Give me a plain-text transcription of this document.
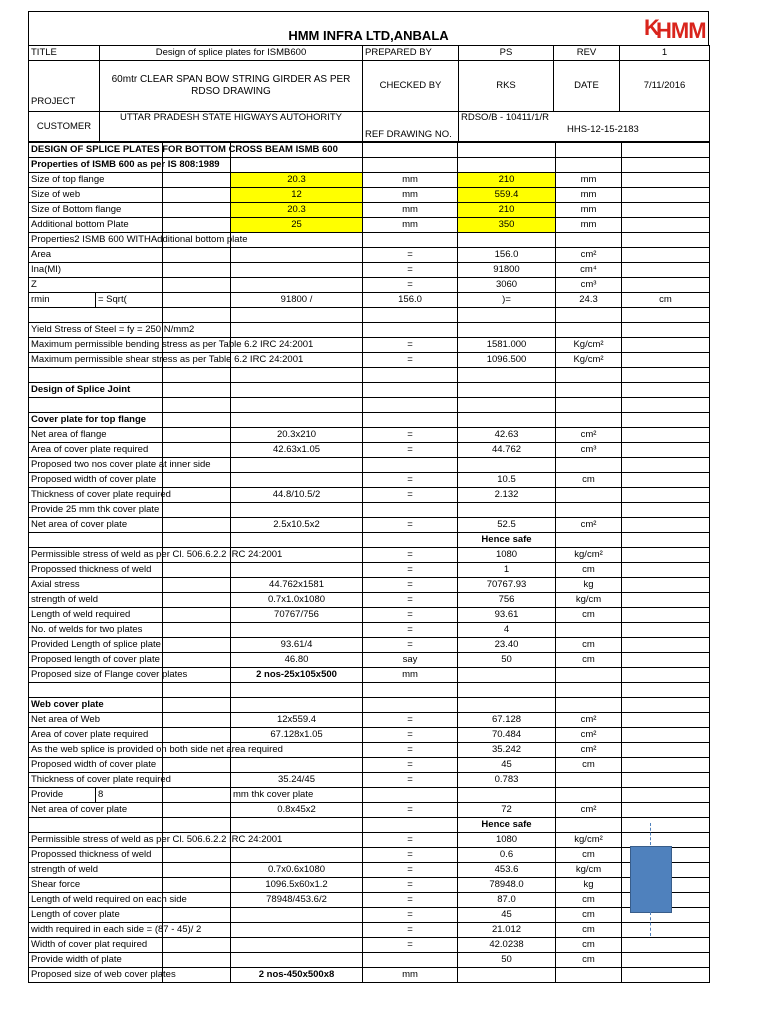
HMM INFRA LTD,ANBALA	K
HMM
TITLE	Design of splice plates for ISMB600	PREPARED BY	PS	REV	1
PROJECT	60mtr CLEAR SPAN BOW STRING GIRDER AS PER RDSO DRAWING	CHECKED BY	RKS	DATE	7/11/2016
CUSTOMER	UTTAR PRADESH STATE HIGWAYS AUTOHORITY	REF DRAWING NO.	RDSO/B - 10411/1/R
HHS-12-15-2183		
DESIGN OF SPLICE PLATES FOR BOTTOM CROSS BEAM ISMB 600							
Properties of ISMB 600 as per IS 808:1989							
Size of top flange			20.3	mm	210	mm	
Size of web			12	mm	559.4	mm	
Size of Bottom flange			20.3	mm	210	mm	
Additional bottom Plate			25	mm	350	mm	
Properties2 ISMB 600 WITHAdditional bottom plate							
Area				=	156.0	cm²	
Ina(MI)				=	91800	cm⁴	
Z				=	3060	cm³	
rmin	= Sqrt(		91800 /	156.0	)=	24.3	cm

Yield Stress of Steel = fy = 250 N/mm2							
Maximum permissible bending stress as per Table 6.2 IRC 24:2001				=	1581.000	Kg/cm²	
Maximum permissible shear stress as per Table 6.2 IRC 24:2001				=	1096.500	Kg/cm²	

Design of Splice Joint							

Cover plate for top flange							
Net area of flange			20.3x210	=	42.63	cm²	
Area of cover plate required			42.63x1.05	=	44.762	cm³	
Proposed two nos cover plate at inner side							
Proposed width of cover plate				=	10.5	cm	
Thickness of cover plate required			44.8/10.5/2	=	2.132		
Provide 25 mm thk cover plate							
Net area of cover plate			2.5x10.5x2	=	52.5	cm²	
					Hence safe		
Permissible stress of weld as per Cl. 506.6.2.2 IRC 24:2001				=	1080	kg/cm²	
Propossed thickness of weld				=	1	cm	
Axial stress			44.762x1581	=	70767.93	kg	
strength of weld			0.7x1.0x1080	=	756	kg/cm	
Length of weld required			70767/756	=	93.61	cm	
No. of welds for two plates				=	4		
Provided Length of splice plate			93.61/4	=	23.40	cm	
Proposed length of cover plate			46.80	say	50	cm	
Proposed size of Flange cover plates			2 nos-25x105x500	mm			

Web cover plate							
Net area of Web			12x559.4	=	67.128	cm²	
Area of cover plate required			67.128x1.05	=	70.484	cm²	
As the web splice is provided on both side net area required				=	35.242	cm²	
Proposed width of cover plate				=	45	cm	
Thickness of cover plate required			35.24/45	=	0.783		
Provide	8		mm thk cover plate				
Net area of cover plate			0.8x45x2	=	72	cm²	
					Hence safe		
Permissible stress of weld as per Cl. 506.6.2.2 IRC 24:2001				=	1080	kg/cm²	
Propossed thickness of weld				=	0.6	cm	
strength of weld			0.7x0.6x1080	=	453.6	kg/cm	
Shear force			1096.5x60x1.2	=	78948.0	kg	
Length of weld required on each side			78948/453.6/2	=	87.0	cm	
Length of cover plate				=	45	cm	
width required in each side = (87 - 45)/ 2				=	21.012	cm	
Width of cover plat required				=	42.0238	cm	
Provide width of plate					50	cm	
Proposed size of web cover plates			2 nos-450x500x8	mm			
